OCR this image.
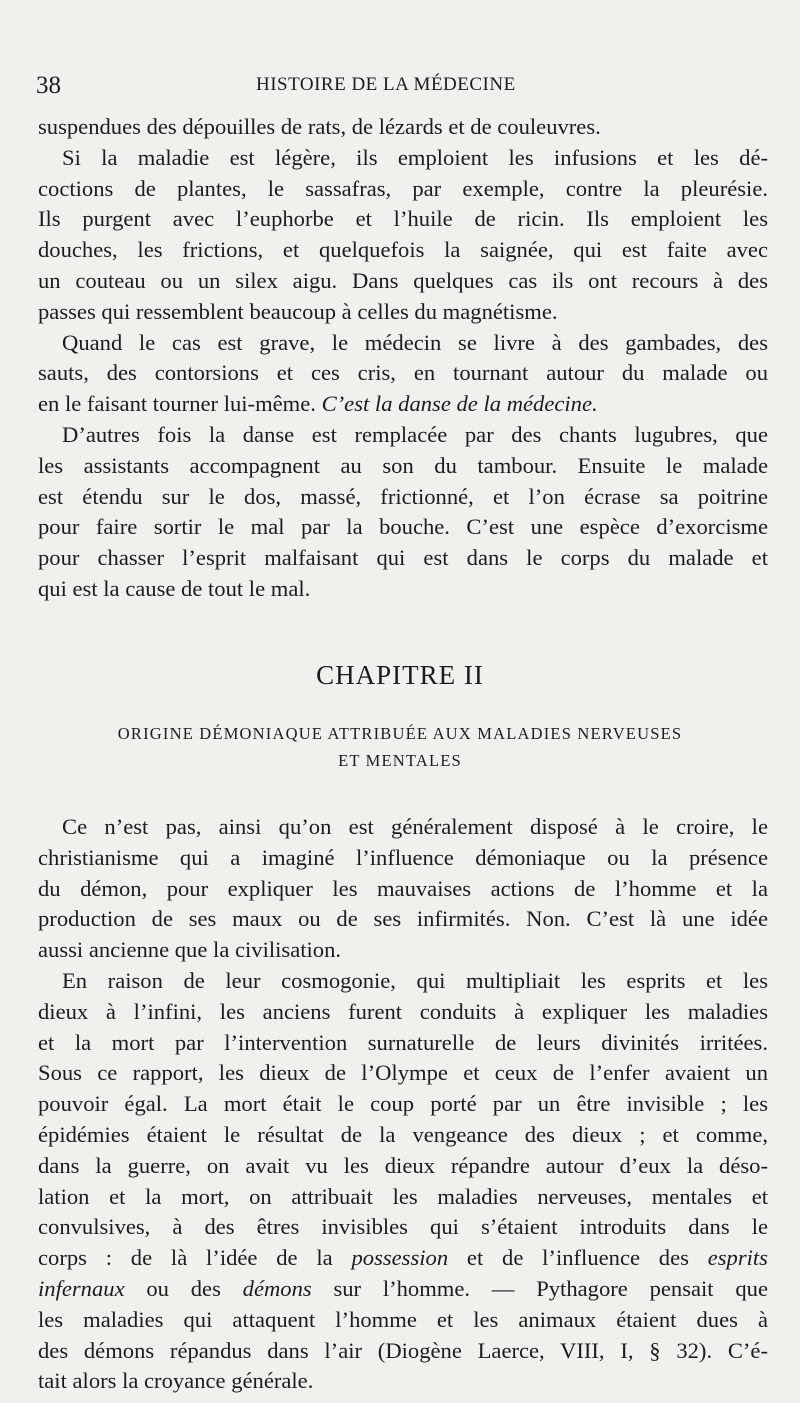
38	HISTOIRE DE LA MÉDECINE

suspendues des dépouilles de rats, de lézards et de couleuvres.

Si la maladie est légère, ils emploient les infusions et les dé-
coctions de plantes, le sassafras, par exemple, contre la pleurésie.
Ils purgent avec l’euphorbe et l’huile de ricin. Ils emploient les
douches, les frictions, et quelquefois la saignée, qui est faite avec
un couteau ou un silex aigu. Dans quelques cas ils ont recours à des
passes qui ressemblent beaucoup à celles du magnétisme.

Quand le cas est grave, le médecin se livre à des gambades, des
sauts, des contorsions et ces cris, en tournant autour du malade ou
en le faisant tourner lui-même. C’est la danse de la médecine.

D’autres fois la danse est remplacée par des chants lugubres, que
les assistants accompagnent au son du tambour. Ensuite le malade
est étendu sur le dos, massé, frictionné, et l’on écrase sa poitrine
pour faire sortir le mal par la bouche. C’est une espèce d’exorcisme
pour chasser l’esprit malfaisant qui est dans le corps du malade et
qui est la cause de tout le mal.

CHAPITRE II
ORIGINE DÉMONIAQUE ATTRIBUÉE AUX MALADIES NERVEUSES
ET MENTALES

Ce n’est pas, ainsi qu’on est généralement disposé à le croire, le
christianisme qui a imaginé l’influence démoniaque ou la présence
du démon, pour expliquer les mauvaises actions de l’homme et la
production de ses maux ou de ses infirmités. Non. C’est là une idée
aussi ancienne que la civilisation.

En raison de leur cosmogonie, qui multipliait les esprits et les
dieux à l’infini, les anciens furent conduits à expliquer les maladies
et la mort par l’intervention surnaturelle de leurs divinités irritées.
Sous ce rapport, les dieux de l’Olympe et ceux de l’enfer avaient un
pouvoir égal. La mort était le coup porté par un être invisible ; les
épidémies étaient le résultat de la vengeance des dieux ; et comme,
dans la guerre, on avait vu les dieux répandre autour d’eux la déso-
lation et la mort, on attribuait les maladies nerveuses, mentales et
convulsives, à des êtres invisibles qui s’étaient introduits dans le
corps : de là l’idée de la possession et de l’influence des esprits
infernaux ou des démons sur l’homme. — Pythagore pensait que
les maladies qui attaquent l’homme et les animaux étaient dues à
des démons répandus dans l’air (Diogène Laerce, VIII, I, § 32). C’é-
tait alors la croyance générale.
